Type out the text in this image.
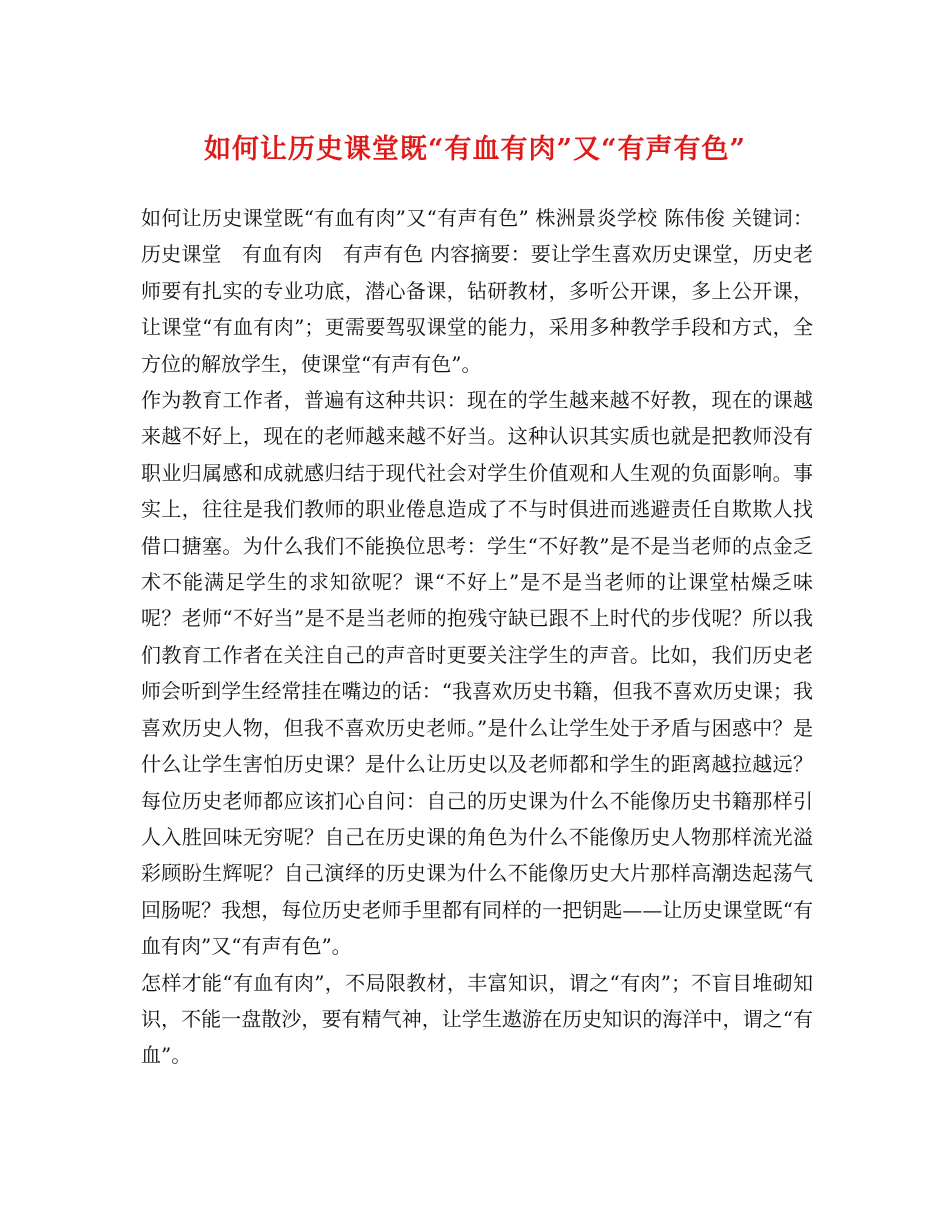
如何让历史课堂既“有血有肉”又“有声有色”

如何让历史课堂既“有血有肉”又“有声有色” 株洲景炎学校 陈伟俊 关键词：历史课堂　有血有肉　有声有色 内容摘要：要让学生喜欢历史课堂，历史老师要有扎实的专业功底，潜心备课，钻研教材，多听公开课，多上公开课，让课堂“有血有肉”；更需要驾驭课堂的能力，采用多种教学手段和方式，全方位的解放学生，使课堂“有声有色”。

作为教育工作者，普遍有这种共识：现在的学生越来越不好教，现在的课越来越不好上，现在的老师越来越不好当。这种认识其实质也就是把教师没有职业归属感和成就感归结于现代社会对学生价值观和人生观的负面影响。事实上，往往是我们教师的职业倦息造成了不与时俱进而逃避责任自欺欺人找借口搪塞。为什么我们不能换位思考：学生“不好教”是不是当老师的点金乏术不能满足学生的求知欲呢？课“不好上”是不是当老师的让课堂枯燥乏味呢？老师“不好当”是不是当老师的抱残守缺已跟不上时代的步伐呢？所以我们教育工作者在关注自己的声音时更要关注学生的声音。比如，我们历史老师会听到学生经常挂在嘴边的话：“我喜欢历史书籍，但我不喜欢历史课；我喜欢历史人物，但我不喜欢历史老师。”是什么让学生处于矛盾与困惑中？是什么让学生害怕历史课？是什么让历史以及老师都和学生的距离越拉越远？每位历史老师都应该扪心自问：自己的历史课为什么不能像历史书籍那样引人入胜回味无穷呢？自己在历史课的角色为什么不能像历史人物那样流光溢彩顾盼生辉呢？自己演绎的历史课为什么不能像历史大片那样高潮迭起荡气回肠呢？我想，每位历史老师手里都有同样的一把钥匙——让历史课堂既“有血有肉”又“有声有色”。

怎样才能“有血有肉”，不局限教材，丰富知识，谓之“有肉”；不盲目堆砌知识，不能一盘散沙，要有精气神，让学生遨游在历史知识的海洋中，谓之“有血”。
